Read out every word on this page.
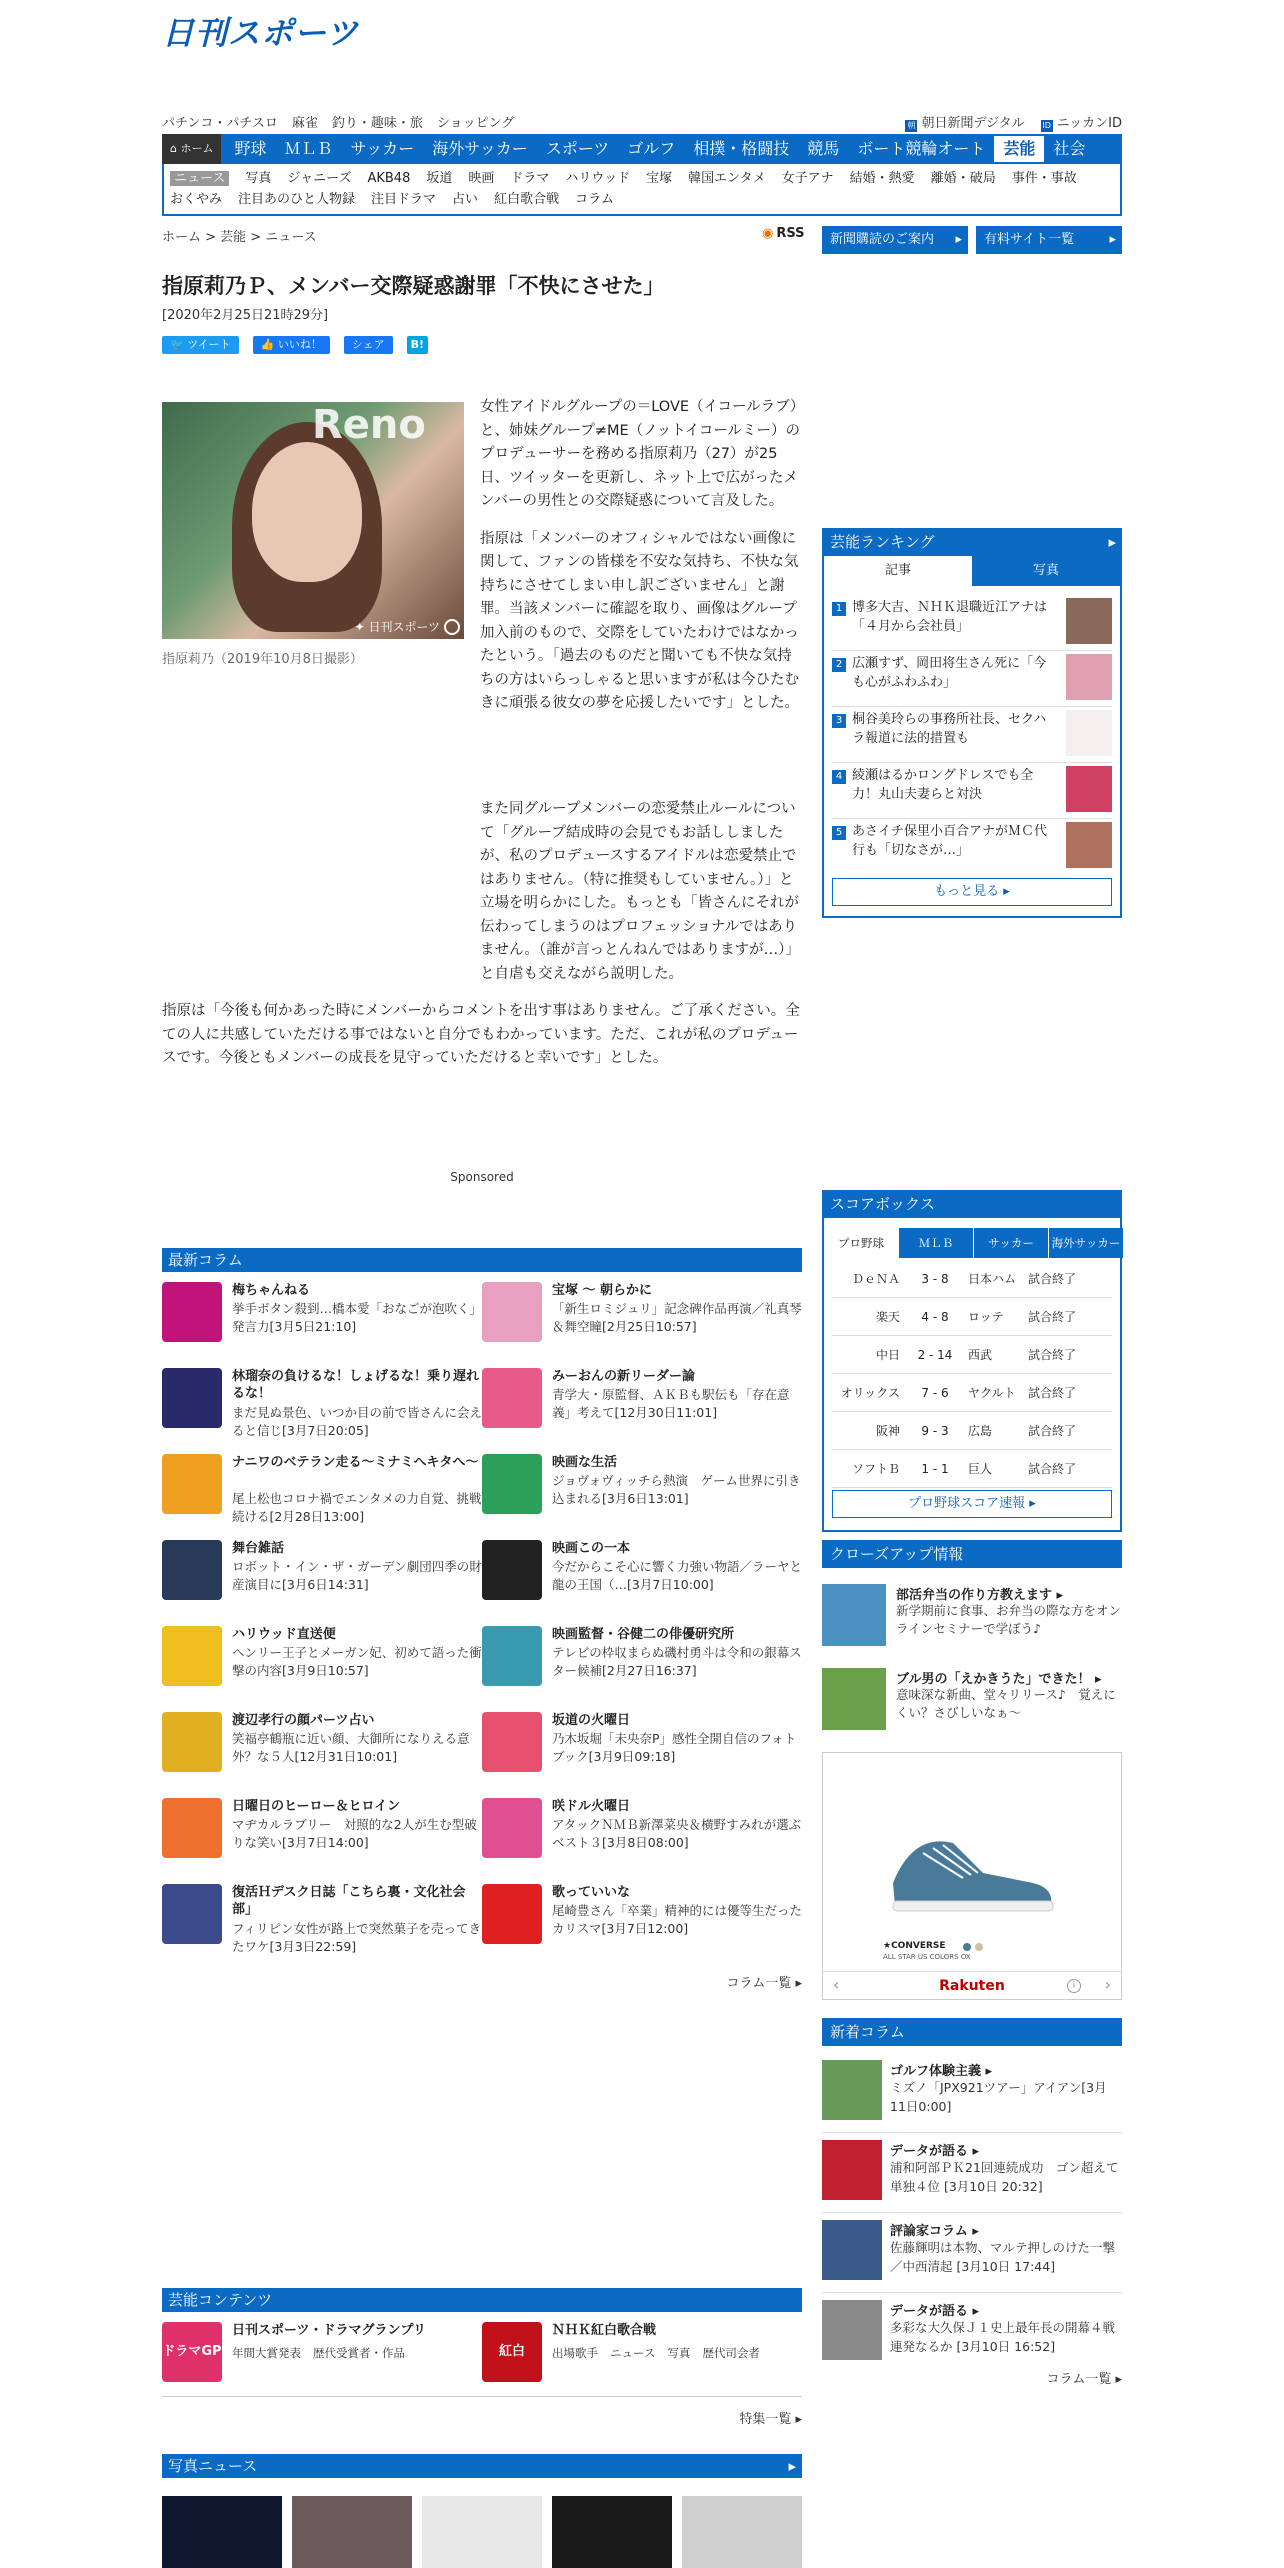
日刊スポーツ
パチンコ・パチスロ 麻雀 釣り・趣味・旅 ショッピング	朝 朝日新聞デジタル ID ニッカンID
⌂ ホーム	野球	ＭＬＢ	サッカー	海外サッカー	スポーツ	ゴルフ	相撲・格闘技	競馬	ボート競輪オート	芸能	社会
ニュース 写真 ジャニーズ AKB48 坂道 映画 ドラマ ハリウッド 宝塚 韓国エンタメ 女子アナ 結婚・熱愛 離婚・破局 事件・事故
おくやみ 注目あのひと人物録 注目ドラマ 占い 紅白歌合戦 コラム
ホーム > 芸能 > ニュース	◉ RSS
指原莉乃Ｐ、メンバー交際疑惑謝罪「不快にさせた」
[2020年2月25日21時29分]
🐦 ツイート	👍 いいね！	シェア	B!
Reno
✦ 日刊スポーツ
指原莉乃（2019年10月8日撮影）

女性アイドルグループの＝LOVE（イコールラブ）と、姉妹グループ≠ME（ノットイコールミー）のプロデューサーを務める指原莉乃（27）が25日、ツイッターを更新し、ネット上で広がったメンバーの男性との交際疑惑について言及した。

指原は「メンバーのオフィシャルではない画像に関して、ファンの皆様を不安な気持ち、不快な気持ちにさせてしまい申し訳ございません」と謝罪。当該メンバーに確認を取り、画像はグループ加入前のもので、交際をしていたわけではなかったという。「過去のものだと聞いても不快な気持ちの方はいらっしゃると思いますが私は今ひたむきに頑張る彼女の夢を応援したいです」とした。

また同グループメンバーの恋愛禁止ルールについて「グループ結成時の会見でもお話ししましたが、私のプロデュースするアイドルは恋愛禁止ではありません。（特に推奨もしていません。）」と立場を明らかにした。もっとも「皆さんにそれが伝わってしまうのはプロフェッショナルではありません。（誰が言っとんねんではありますが…）」と自虐も交えながら説明した。

指原は「今後も何かあった時にメンバーからコメントを出す事はありません。ご了承ください。全ての人に共感していただける事ではないと自分でもわかっています。ただ、これが私のプロデュースです。今後ともメンバーの成長を見守っていただけると幸いです」とした。

Sponsored
最新コラム
コラム一覧 ▸
芸能コンテンツ
特集一覧 ▸
写真ニュース	▸
新聞購読のご案内 ▸	有料サイト一覧 ▸
芸能ランキング ▸
記事	写真
もっと見る ▸
1 博多大吉、ＮＨＫ退職近江アナは「４月から会社員」
2 広瀬すず、岡田将生さん死に「今も心がふわふわ」
3 桐谷美玲らの事務所社長、セクハラ報道に法的措置も
4 綾瀬はるかロングドレスでも全力！丸山夫妻らと対決
5 あさイチ保里小百合アナがＭＣ代行も「切なさが…」
スコアボックス
プロ野球	ＭＬＢ	サッカー	海外サッカー
プロ野球スコア速報 ▸
ＤｅＮＡ	3 - 8	日本ハム 試合終了
楽天	4 - 8	ロッテ 試合終了
中日	2 - 14	西武	試合終了
オリックス	7 - 6	ヤクルト 試合終了
阪神	9 - 3	広島	試合終了
ソフトＢ	1 - 1	巨人	試合終了
クローズアップ情報
★CONVERSE
ALL STAR US COLORS OX
Rakuten
‹	›
i
新着コラム
コラム一覧 ▸
部活弁当の作り方教えます ▸
新学期前に食事、お弁当の際な方をオンラインセミナーで学ぼう♪
ブル男の「えかきうた」できた！ ▸
意味深な新曲、堂々リリース♪　覚えにくい？さびしいなぁ〜
ゴルフ体験主義 ▸
ミズノ「JPX921ツアー」アイアン[3月11日0:00]
データが語る ▸
浦和阿部ＰＫ21回連続成功　ゴン超えて単独４位 [3月10日 20:32]
評論家コラム ▸
佐藤輝明は本物、マルテ押しのけた一撃／中西清起 [3月10日 17:44]
データが語る ▸
多彩な大久保Ｊ１史上最年長の開幕４戦連発なるか [3月10日 16:52]
梅ちゃんねる
挙手ボタン殺到…橋本愛「おなごが泡吹く」発言力[3月5日21:10]
宝塚 〜 朝らかに
「新生ロミジュリ」記念碑作品再演／礼真琴＆舞空瞳[2月25日10:57]
林瑠奈の負けるな！しょげるな！乗り遅れるな！
まだ見ぬ景色、いつか目の前で皆さんに会えると信じ[3月7日20:05]
みーおんの新リーダー論
青学大・原監督、ＡＫＢも駅伝も「存在意義」考えて[12月30日11:01]
ナニワのベテラン走る〜ミナミへキタへ〜
尾上松也コロナ禍でエンタメの力自覚、挑戦続ける[2月28日13:00]
映画な生活
ジョヴォヴィッチら熱演　ゲーム世界に引き込まれる[3月6日13:01]
舞台雑話
ロボット・イン・ザ・ガーデン劇団四季の財産演目に[3月6日14:31]
映画この一本
今だからこそ心に響く力強い物語／ラーヤと龍の王国（…[3月7日10:00]
ハリウッド直送便
ヘンリー王子とメーガン妃、初めて語った衝撃の内容[3月9日10:57]
映画監督・谷健二の俳優研究所
テレビの枠収まらぬ磯村勇斗は令和の銀幕スター候補[2月27日16:37]
渡辺孝行の顔パーツ占い
笑福亭鶴瓶に近い顔、大御所になりえる意外？な５人[12月31日10:01]
坂道の火曜日
乃木坂堀「未央奈P」感性全開自信のフォトブック[3月9日09:18]
日曜日のヒーロー＆ヒロイン
マヂカルラブリー　対照的な2人が生む型破りな笑い[3月7日14:00]
咲ドル火曜日
アタックＮＭＢ新澤菜央＆横野すみれが選ぶベスト３[3月8日08:00]
復活Ｈデスク日誌「こちら裏・文化社会部」
フィリピン女性が路上で突然菓子を売ってきたワケ[3月3日22:59]
歌っていいな
尾崎豊さん「卒業」精神的には優等生だったカリスマ[3月7日12:00]
ドラマGP
日刊スポーツ・ドラマグランプリ
年間大賞発表 歴代受賞者・作品	紅白
ＮＨＫ紅白歌合戦
出場歌手 ニュース 写真 歴代司会者
